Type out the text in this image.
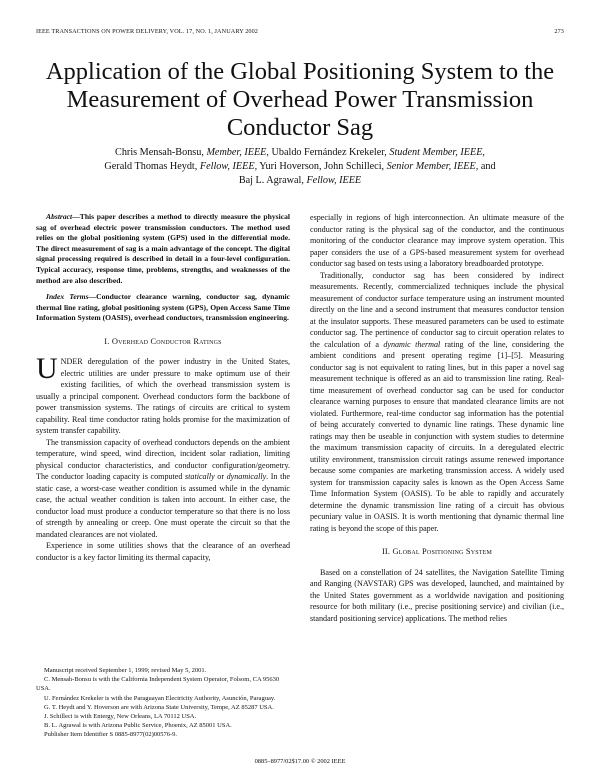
IEEE TRANSACTIONS ON POWER DELIVERY, VOL. 17, NO. 1, JANUARY 2002	273
Application of the Global Positioning System to the Measurement of Overhead Power Transmission Conductor Sag
Chris Mensah-Bonsu, Member, IEEE, Ubaldo Fernández Krekeler, Student Member, IEEE,
Gerald Thomas Heydt, Fellow, IEEE, Yuri Hoverson, John Schilleci, Senior Member, IEEE, and
Baj L. Agrawal, Fellow, IEEE

Abstract—This paper describes a method to directly measure the physical sag of overhead electric power transmission conductors. The method used relies on the global positioning system (GPS) used in the differential mode. The direct measurement of sag is a main advantage of the concept. The digital signal processing required is described in detail in a four-level configuration. Typical accuracy, response time, problems, strengths, and weaknesses of the method are also described.

Index Terms—Conductor clearance warning, conductor sag, dynamic thermal line rating, global positioning system (GPS), Open Access Same Time Information System (OASIS), overhead conductors, transmission engineering.

I. Overhead Conductor Ratings

UNDER deregulation of the power industry in the United States, electric utilities are under pressure to make optimum use of their existing facilities, of which the overhead transmission system is usually a principal component. Overhead conductors form the backbone of power transmission systems. The ratings of circuits are critical to system capability. Real time conductor rating holds promise for the maximization of system transfer capability.

The transmission capacity of overhead conductors depends on the ambient temperature, wind speed, wind direction, incident solar radiation, limiting physical conductor characteristics, and conductor configuration/geometry. The conductor loading capacity is computed statically or dynamically. In the static case, a worst-case weather condition is assumed while in the dynamic case, the actual weather condition is taken into account. In either case, the conductor load must produce a conductor temperature so that there is no loss of strength by annealing or creep. One must operate the circuit so that the mandated clearances are not violated.

Experience in some utilities shows that the clearance of an overhead conductor is a key factor limiting its thermal capacity,

Manuscript received September 1, 1999; revised May 5, 2001.

C. Mensah-Bonsu is with the California Independent System Operator, Folsom, CA 95630 USA.

U. Fernández Krekeler is with the Paraguayan Electricity Authority, Asunción, Paraguay.

G. T. Heydt and Y. Hoverson are with Arizona State University, Tempe, AZ 85287 USA.

J. Schilleci is with Entergy, New Orleans, LA 70112 USA.

B. L. Agrawal is with Arizona Public Service, Phoenix, AZ 85001 USA.

Publisher Item Identifier S 0885-8977(02)00576-9.

especially in regions of high interconnection. An ultimate measure of the conductor rating is the physical sag of the conductor, and the continuous monitoring of the conductor clearance may improve system operation. This paper considers the use of a GPS-based measurement system for overhead conductor sag based on tests using a laboratory breadboarded prototype.

Traditionally, conductor sag has been considered by indirect measurements. Recently, commercialized techniques include the physical measurement of conductor surface temperature using an instrument mounted directly on the line and a second instrument that measures conductor tension at the insulator supports. These measured parameters can be used to estimate conductor sag. The pertinence of conductor sag to circuit operation relates to the calculation of a dynamic thermal rating of the line, considering the ambient conditions and present operating regime [1]–[5]. Measuring conductor sag is not equivalent to rating lines, but in this paper a novel sag measurement technique is offered as an aid to transmission line rating. Real-time measurement of overhead conductor sag can be used for conductor clearance warning purposes to ensure that mandated clearance limits are not violated. Furthermore, real-time conductor sag information has the potential of being accurately converted to dynamic line ratings. These dynamic line ratings may then be useable in conjunction with system studies to determine the maximum transmission capacity of circuits. In a deregulated electric utility environment, transmission circuit ratings assume renewed importance because some companies are marketing transmission access. A widely used system for transmission capacity sales is known as the Open Access Same Time Information System (OASIS). To be able to rapidly and accurately determine the dynamic transmission line rating of a circuit has obvious pecuniary value in OASIS. It is worth mentioning that dynamic thermal line rating is beyond the scope of this paper.

II. Global Positioning System

Based on a constellation of 24 satellites, the Navigation Satellite Timing and Ranging (NAVSTAR) GPS was developed, launched, and maintained by the United States government as a worldwide navigation and positioning resource for both military (i.e., precise positioning service) and civilian (i.e., standard positioning service) applications. The method relies

0885–8977/02$17.00 © 2002 IEEE
